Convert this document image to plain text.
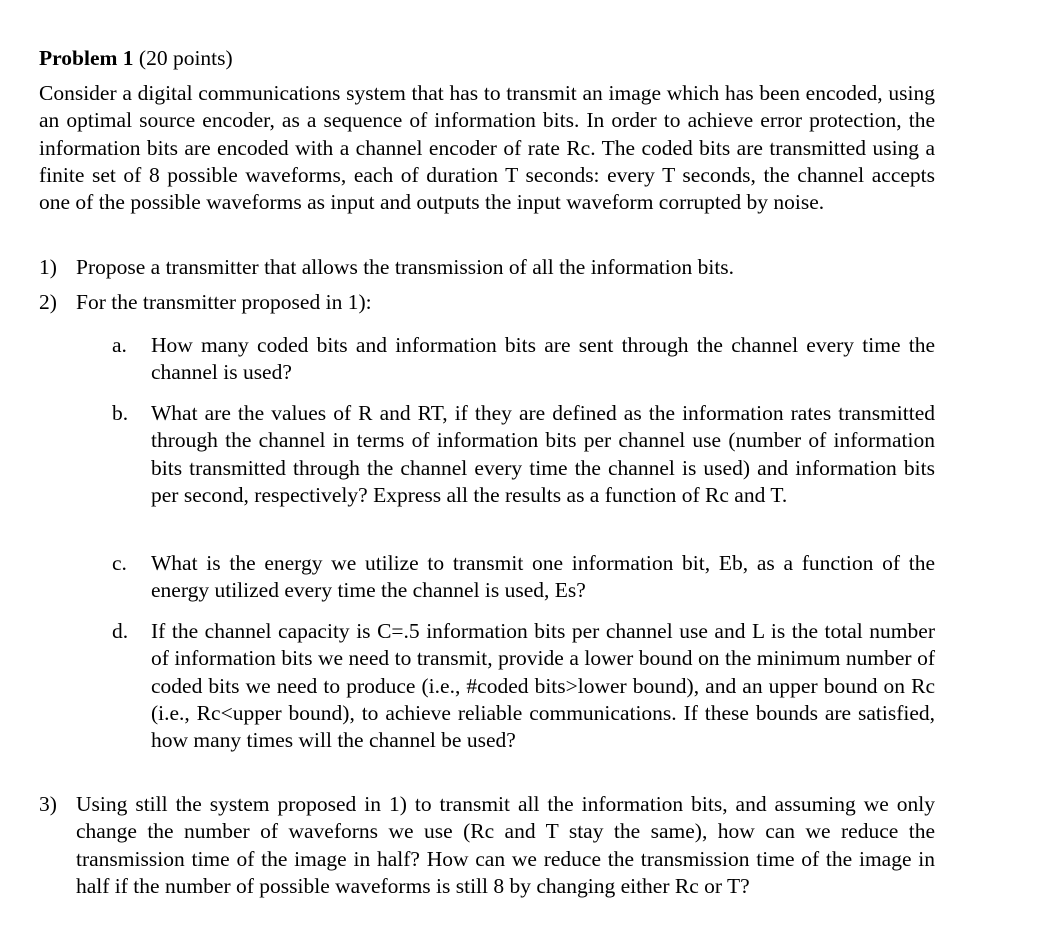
Problem 1 (20 points)
Consider a digital communications system that has to transmit an image which has been encoded, using an optimal source encoder, as a sequence of information bits. In order to achieve error protection, the information bits are encoded with a channel encoder of rate Rc. The coded bits are transmitted using a finite set of 8 possible waveforms, each of duration T seconds: every T seconds, the channel accepts one of the possible waveforms as input and outputs the input waveform corrupted by noise.
1) Propose a transmitter that allows the transmission of all the information bits.
2) For the transmitter proposed in 1):
a.	How many coded bits and information bits are sent through the channel every time the channel is used?
b.	What are the values of R and RT, if they are defined as the information rates transmitted through the channel in terms of information bits per channel use (number of information bits transmitted through the channel every time the channel is used) and information bits per second, respectively? Express all the results as a function of Rc and T.
c.	What is the energy we utilize to transmit one information bit, Eb, as a function of the energy utilized every time the channel is used, Es?
d.	If the channel capacity is C=.5 information bits per channel use and L is the total number of information bits we need to transmit, provide a lower bound on the minimum number of coded bits we need to produce (i.e., #coded bits>lower bound), and an upper bound on Rc (i.e., Rc<upper bound), to achieve reliable communications. If these bounds are satisfied, how many times will the channel be used?
3) Using still the system proposed in 1) to transmit all the information bits, and assuming we only change the number of waveforns we use (Rc and T stay the same), how can we reduce the transmission time of the image in half? How can we reduce the transmission time of the image in half if the number of possible waveforms is still 8 by changing either Rc or T?
